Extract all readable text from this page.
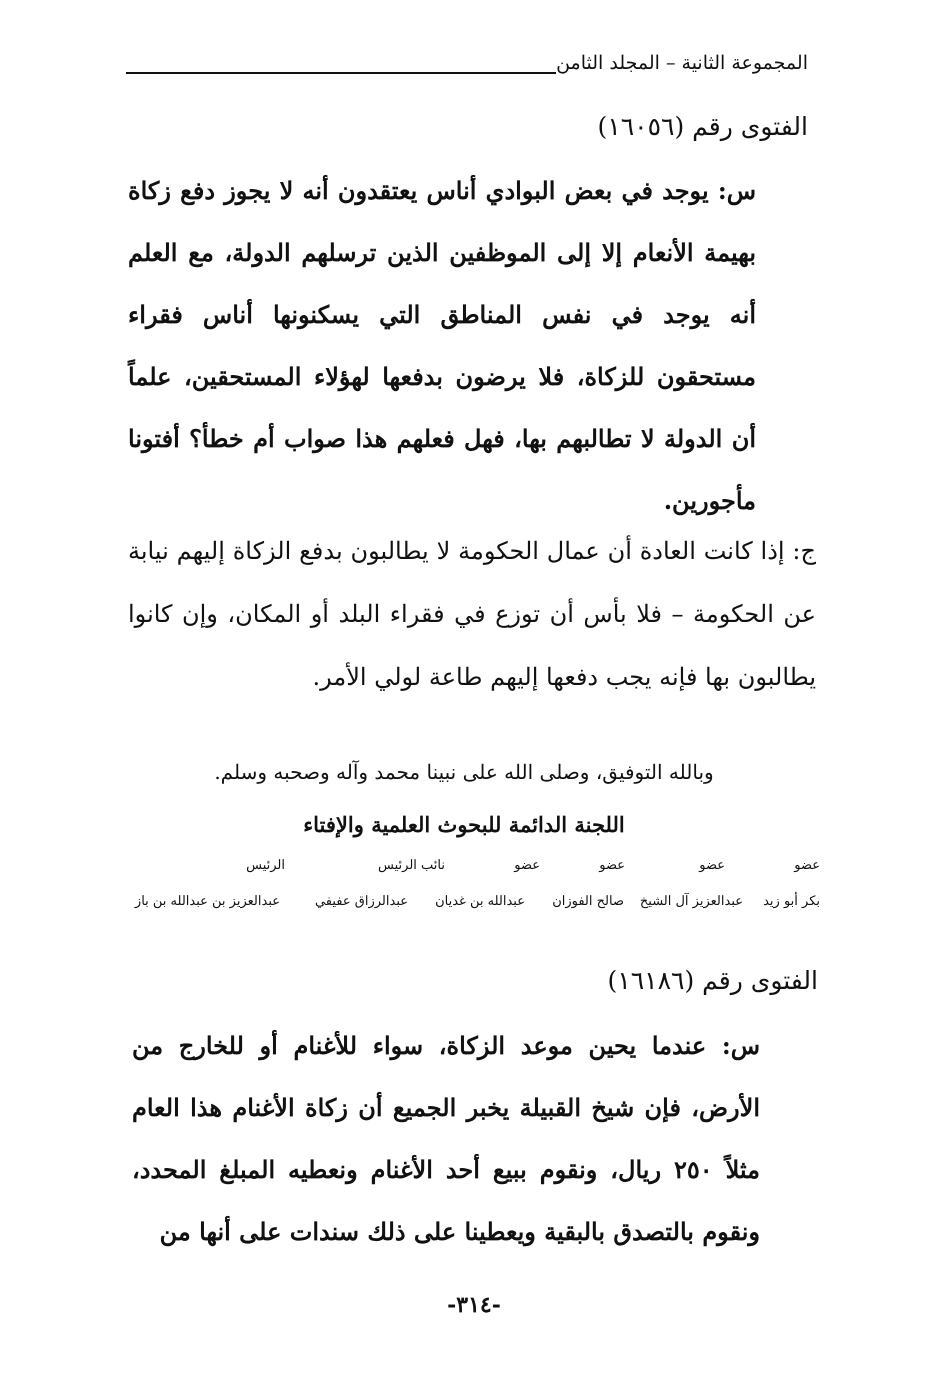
المجموعة الثانية – المجلد الثامن
الفتوى رقم (١٦٠٥٦)
س: يوجد في بعض البوادي أناس يعتقدون أنه لا يجوز دفع زكاة بهيمة الأنعام إلا إلى الموظفين الذين ترسلهم الدولة، مع العلم أنه يوجد في نفس المناطق التي يسكنونها أناس فقراء مستحقون للزكاة، فلا يرضون بدفعها لهؤلاء المستحقين، علماً أن الدولة لا تطالبهم بها، فهل فعلهم هذا صواب أم خطأ؟ أفتونا مأجورين.
ج: إذا كانت العادة أن عمال الحكومة لا يطالبون بدفع الزكاة إليهم نيابة عن الحكومة – فلا بأس أن توزع في فقراء البلد أو المكان، وإن كانوا يطالبون بها فإنه يجب دفعها إليهم طاعة لولي الأمر.
وبالله التوفيق، وصلى الله على نبينا محمد وآله وصحبه وسلم.
اللجنة الدائمة للبحوث العلمية والإفتاء
عضو
عضو
عضو
عضو
نائب الرئيس
الرئيس
بكر أبو زيد
عبدالعزيز آل الشيخ
صالح الفوزان
عبدالله بن غديان
عبدالرزاق عفيفي
عبدالعزيز بن عبدالله بن باز
الفتوى رقم (١٦١٨٦)
س: عندما يحين موعد الزكاة، سواء للأغنام أو للخارج من الأرض، فإن شيخ القبيلة يخبر الجميع أن زكاة الأغنام هذا العام مثلاً ٢٥٠ ريال، ونقوم ببيع أحد الأغنام ونعطيه المبلغ المحدد، ونقوم بالتصدق بالبقية ويعطينا على ذلك سندات على أنها من
-٣١٤-
